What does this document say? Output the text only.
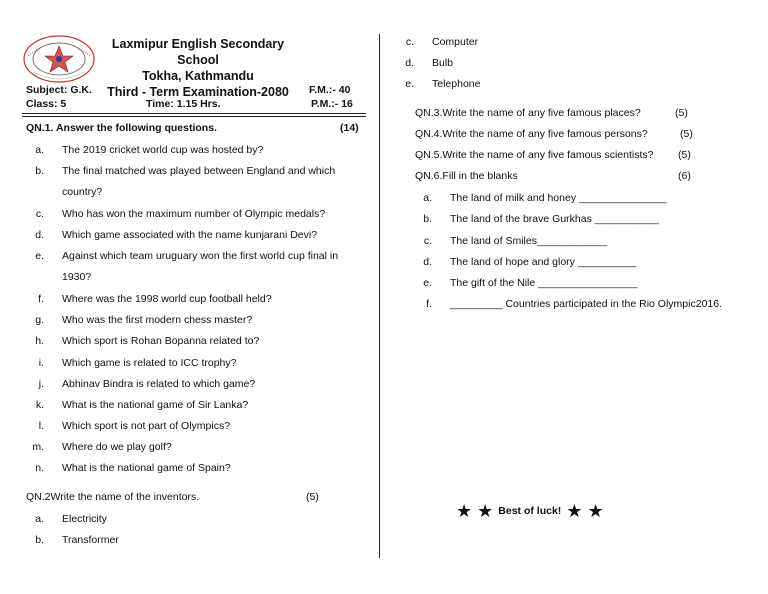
Laxmipur English Secondary School
Tokha, Kathmandu
Third - Term Examination-2080
Subject: G.K.	F.M.:- 40
Class: 5	Time: 1.15 Hrs.	P.M.:- 16
QN.1. Answer the following questions.	(14)
a. The 2019 cricket world cup was hosted by?
b. The final matched was played between England and which
country?
c. Who has won the maximum number of Olympic medals?
d. Which game associated with the name kunjarani Devi?
e. Against which team uruguary won the first world cup final in
1930?
f. Where was the 1998 world cup football held?
g. Who was the first modern chess master?
h. Which sport is Rohan Bopanna related to?
i. Which game is related to ICC trophy?
j. Abhinav Bindra is related to which game?
k. What is the national game of Sir Lanka?
l. Which sport is not part of Olympics?
m. Where do we play golf?
n. What is the national game of Spain?
QN.2Write the name of the inventors.	(5)
a. Electricity
b. Transformer
c. Computer
d. Bulb
e. Telephone
QN.3.Write the name of any five famous places?	(5)
QN.4.Write the name of any five famous persons?	(5)
QN.5.Write the name of any five famous scientists? (5)
QN.6.Fill in the blanks	(6)
a. The land of milk and honey _______________
b. The land of the brave Gurkhas ___________
c. The land of Smiles____________
d. The land of hope and glory __________
e. The gift of the Nile _________________
f. _________ Countries participated in the Rio Olympic2016.
★ ★ Best of luck! ★ ★
